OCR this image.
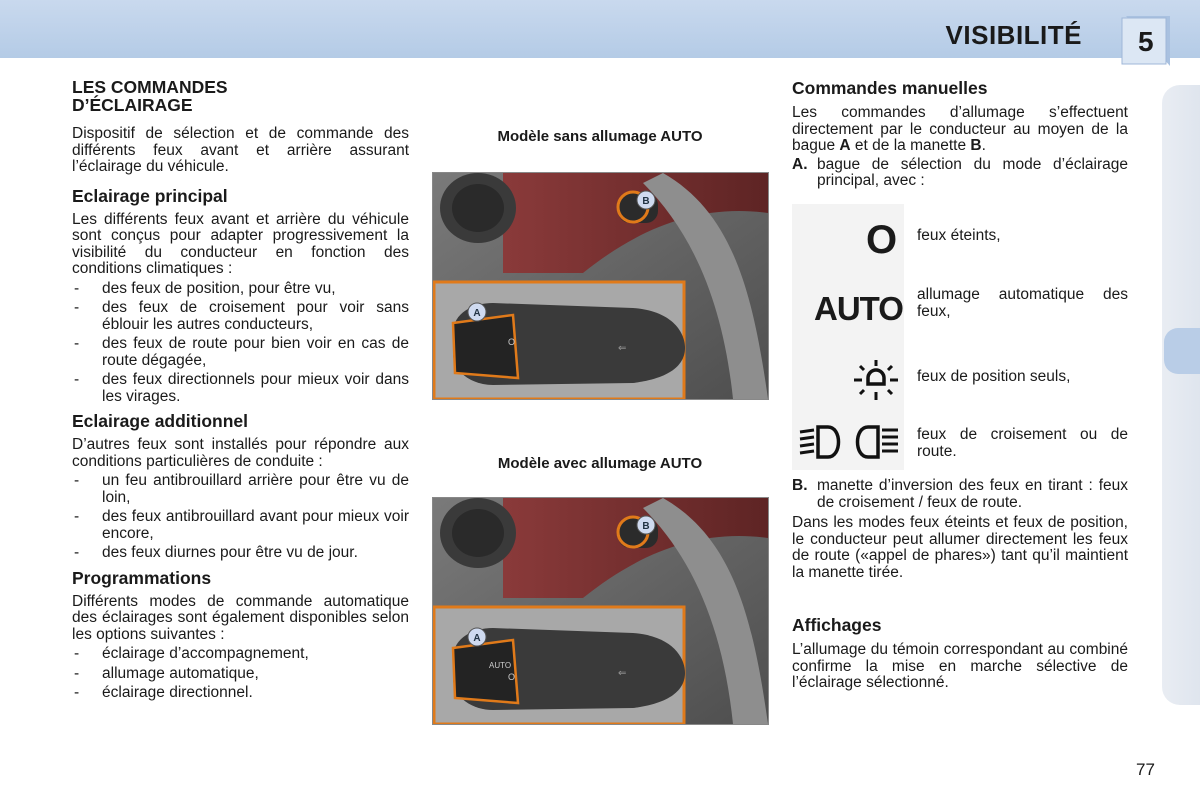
VISIBILITÉ 5
LES COMMANDES D’ÉCLAIRAGE

Dispositif de sélection et de commande des différents feux avant et arrière assurant l’éclairage du véhicule.

Eclairage principal

Les différents feux avant et arrière du véhicule sont conçus pour adapter progressivement la visibilité du conducteur en fonction des conditions climatiques :

- des feux de position, pour être vu,
- des feux de croisement pour voir sans éblouir les autres conducteurs,
- des feux de route pour bien voir en cas de route dégagée,
- des feux directionnels pour mieux voir dans les virages.
Eclairage additionnel

D’autres feux sont installés pour répondre aux conditions particulières de conduite :

- un feu antibrouillard arrière pour être vu de loin,
- des feux antibrouillard avant pour mieux voir encore,
- des feux diurnes pour être vu de jour.
Programmations

Différents modes de commande automatique des éclairages sont également disponibles selon les options suivantes :

- éclairage d’accompagnement,
- allumage automatique,
- éclairage directionnel.
Modèle sans allumage AUTO
B
A
O
⇐
Modèle avec allumage AUTO
B
A
AUTO
O	⇐
Commandes manuelles

Les commandes d’allumage s’effectuent directement par le conducteur au moyen de la bague A et de la manette B.

A. bague de sélection du mode d’éclairage principal, avec :
O feux éteints,
AUTO allumage automatique des feux,
feux de position seuls,
feux de croisement ou de route.
B. manette d’inversion des feux en tirant : feux de croisement / feux de route.

Dans les modes feux éteints et feux de position, le conducteur peut allumer directement les feux de route («appel de phares») tant qu’il maintient la manette tirée.

Affichages

L’allumage du témoin correspondant au combiné confirme la mise en marche sélective de l’éclairage sélectionné.

77
